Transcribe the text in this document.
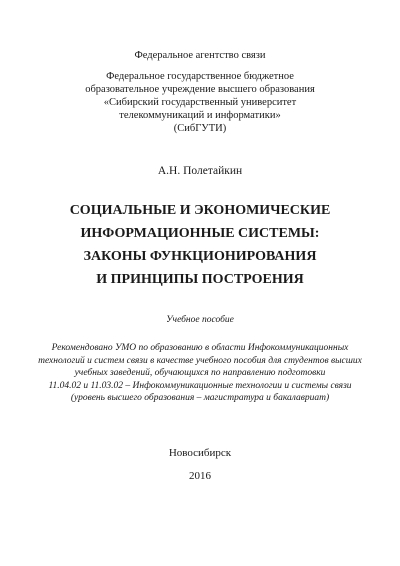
Федеральное агентство связи
Федеральное государственное бюджетное
образовательное учреждение высшего образования
«Сибирский государственный университет
телекоммуникаций и информатики»
(СибГУТИ)
А.Н. Полетайкин
СОЦИАЛЬНЫЕ И ЭКОНОМИЧЕСКИЕ
ИНФОРМАЦИОННЫЕ СИСТЕМЫ:
ЗАКОНЫ ФУНКЦИОНИРОВАНИЯ
И ПРИНЦИПЫ ПОСТРОЕНИЯ
Учебное пособие
Рекомендовано УМО по образованию в области Инфокоммуникационных
технологий и систем связи в качестве учебного пособия для студентов высших
учебных заведений, обучающихся по направлению подготовки
11.04.02 и 11.03.02 – Инфокоммуникационные технологии и системы связи
(уровень высшего образования – магистратура и бакалавриат)
Новосибирск
2016
